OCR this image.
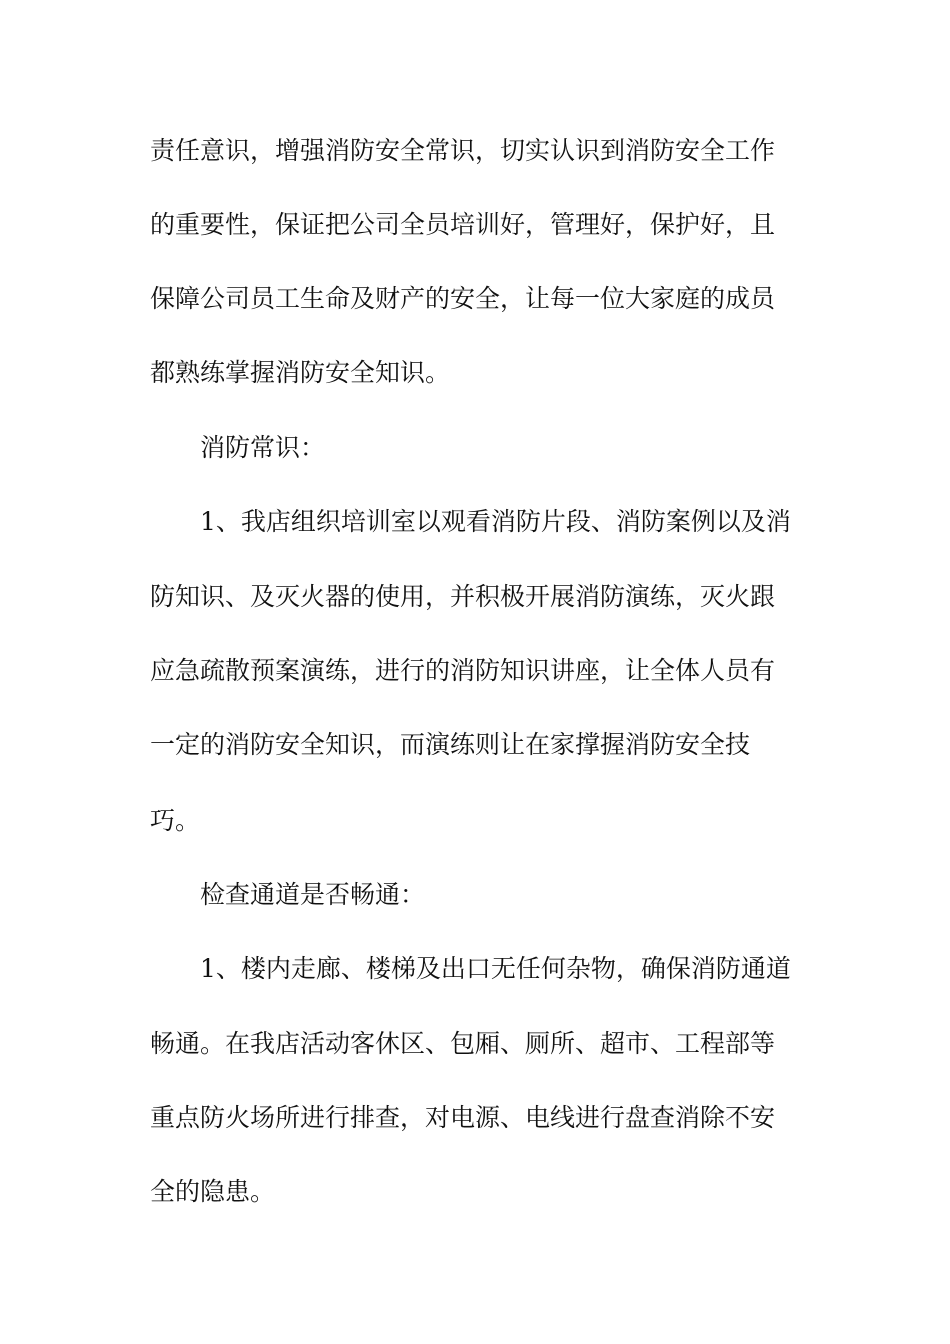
责任意识，增强消防安全常识，切实认识到消防安全工作

的重要性，保证把公司全员培训好，管理好，保护好，且

保障公司员工生命及财产的安全，让每一位大家庭的成员

都熟练掌握消防安全知识。

消防常识：

1、我店组织培训室以观看消防片段、消防案例以及消

防知识、及灭火器的使用，并积极开展消防演练，灭火跟

应急疏散预案演练，进行的消防知识讲座，让全体人员有

一定的消防安全知识，而演练则让在家撑握消防安全技

巧。

检查通道是否畅通：

1、楼内走廊、楼梯及出口无任何杂物，确保消防通道

畅通。在我店活动客休区、包厢、厕所、超市、工程部等

重点防火场所进行排查，对电源、电线进行盘查消除不安

全的隐患。
